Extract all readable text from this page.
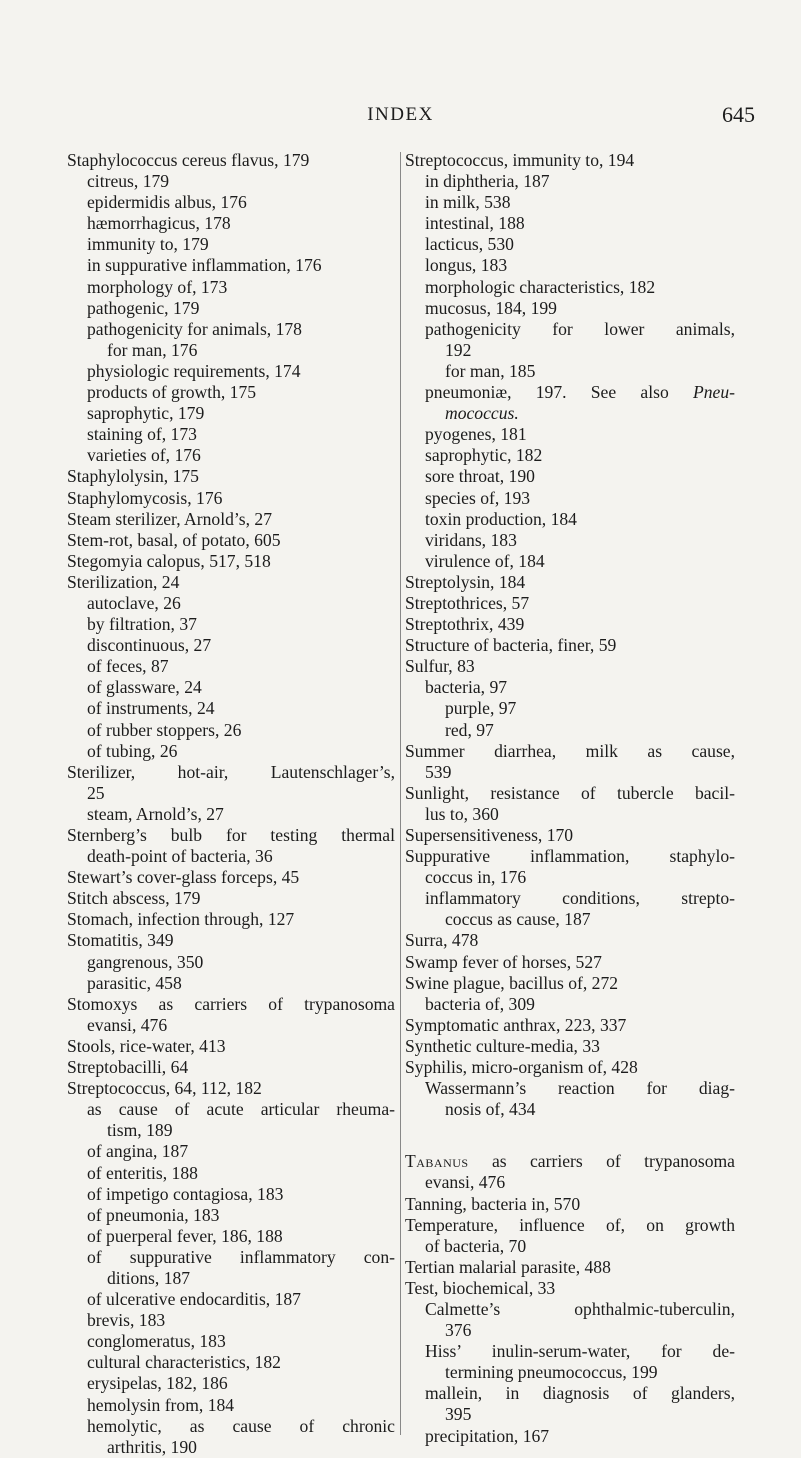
INDEX	645
Staphylococcus cereus flavus, 179
citreus, 179
epidermidis albus, 176
hæmorrhagicus, 178
immunity to, 179
in suppurative inflammation, 176
morphology of, 173
pathogenic, 179
pathogenicity for animals, 178
for man, 176
physiologic requirements, 174
products of growth, 175
saprophytic, 179
staining of, 173
varieties of, 176
Staphylolysin, 175
Staphylomycosis, 176
Steam sterilizer, Arnold’s, 27
Stem-rot, basal, of potato, 605
Stegomyia calopus, 517, 518
Sterilization, 24
autoclave, 26
by filtration, 37
discontinuous, 27
of feces, 87
of glassware, 24
of instruments, 24
of rubber stoppers, 26
of tubing, 26
Sterilizer, hot-air, Lautenschlager’s,
25
steam, Arnold’s, 27
Sternberg’s bulb for testing thermal
death-point of bacteria, 36
Stewart’s cover-glass forceps, 45
Stitch abscess, 179
Stomach, infection through, 127
Stomatitis, 349
gangrenous, 350
parasitic, 458
Stomoxys as carriers of trypanosoma
evansi, 476
Stools, rice-water, 413
Streptobacilli, 64
Streptococcus, 64, 112, 182
as cause of acute articular rheuma-
tism, 189
of angina, 187
of enteritis, 188
of impetigo contagiosa, 183
of pneumonia, 183
of puerperal fever, 186, 188
of suppurative inflammatory con-
ditions, 187
of ulcerative endocarditis, 187
brevis, 183
conglomeratus, 183
cultural characteristics, 182
erysipelas, 182, 186
hemolysin from, 184
hemolytic, as cause of chronic
arthritis, 190
Streptococcus, immunity to, 194
in diphtheria, 187
in milk, 538
intestinal, 188
lacticus, 530
longus, 183
morphologic characteristics, 182
mucosus, 184, 199
pathogenicity for lower animals,
192
for man, 185
pneumoniæ, 197. See also Pneu-
mococcus.
pyogenes, 181
saprophytic, 182
sore throat, 190
species of, 193
toxin production, 184
viridans, 183
virulence of, 184
Streptolysin, 184
Streptothrices, 57
Streptothrix, 439
Structure of bacteria, finer, 59
Sulfur, 83
bacteria, 97
purple, 97
red, 97
Summer diarrhea, milk as cause,
539
Sunlight, resistance of tubercle bacil-
lus to, 360
Supersensitiveness, 170
Suppurative inflammation, staphylo-
coccus in, 176
inflammatory conditions, strepto-
coccus as cause, 187
Surra, 478
Swamp fever of horses, 527
Swine plague, bacillus of, 272
bacteria of, 309
Symptomatic anthrax, 223, 337
Synthetic culture-media, 33
Syphilis, micro-organism of, 428
Wassermann’s reaction for diag-
nosis of, 434
Tabanus as carriers of trypanosoma
evansi, 476
Tanning, bacteria in, 570
Temperature, influence of, on growth
of bacteria, 70
Tertian malarial parasite, 488
Test, biochemical, 33
Calmette’s ophthalmic-tuberculin,
376
Hiss’ inulin-serum-water, for de-
termining pneumococcus, 199
mallein, in diagnosis of glanders,
395
precipitation, 167
